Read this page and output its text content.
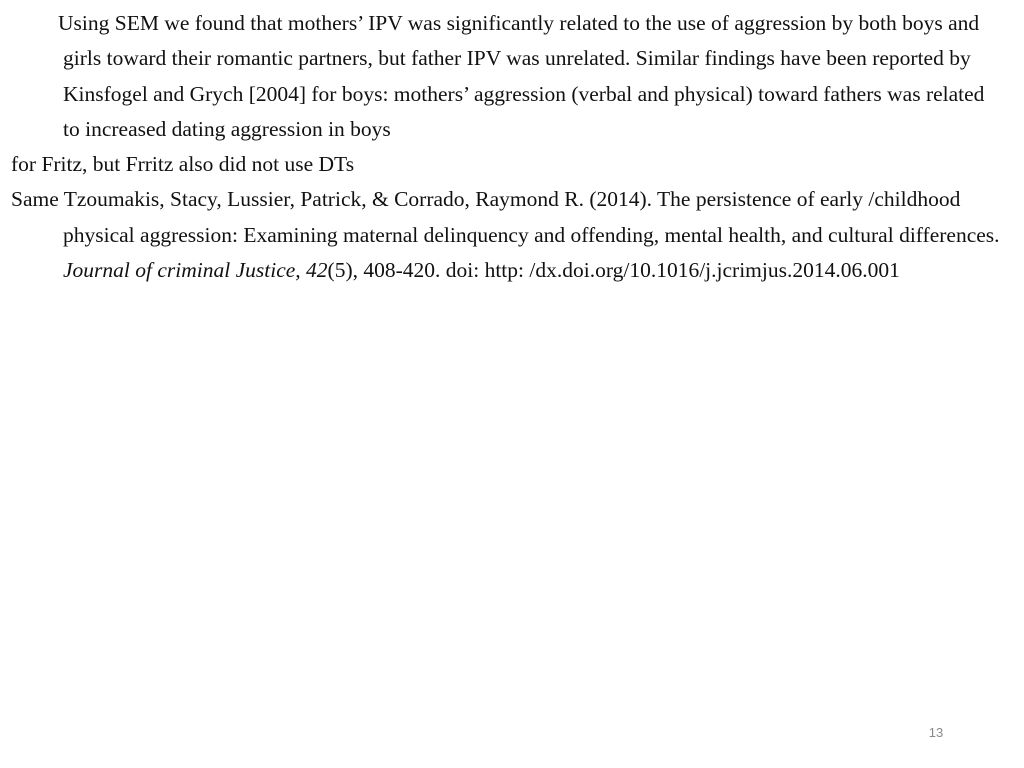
Using SEM we found that mothers’ IPV was significantly related to the use of aggression by both boys and girls toward their romantic partners, but father IPV was unrelated. Similar findings have been reported by Kinsfogel and Grych [2004] for boys: mothers’ aggression (verbal and physical) toward fathers was related to increased dating aggression in boys

for Fritz, but Frritz also did not use DTs

Same Tzoumakis, Stacy, Lussier, Patrick, & Corrado, Raymond R. (2014). The persistence of early /childhood physical aggression: Examining maternal delinquency and offending, mental health, and cultural differences. Journal of criminal Justice, 42(5), 408-420. doi: http: /dx.doi.org/10.1016/j.jcrimjus.2014.06.001

13
